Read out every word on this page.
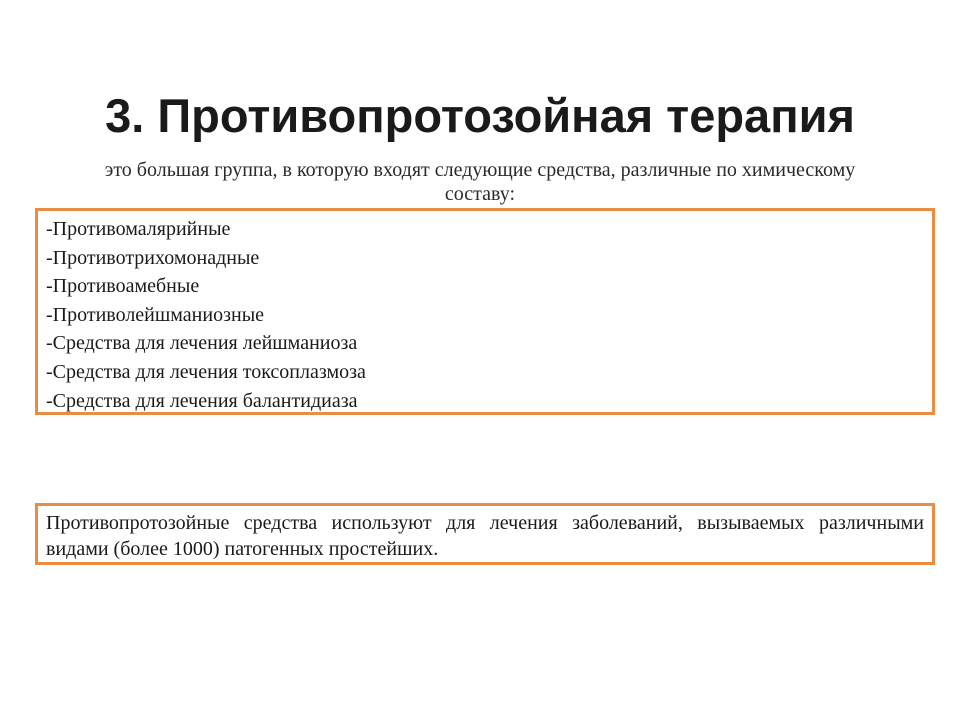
3. Противопротозойная терапия
это большая группа, в которую входят следующие средства, различные по химическому составу:
-Противомалярийные
-Противотрихомонадные
-Противоамебные
-Противолейшманиозные
-Средства для лечения лейшманиоза
-Средства для лечения токсоплазмоза
-Средства для лечения балантидиаза

Противопротозойные средства используют для лечения заболеваний, вызываемых различными видами (более 1000) патогенных простейших.
